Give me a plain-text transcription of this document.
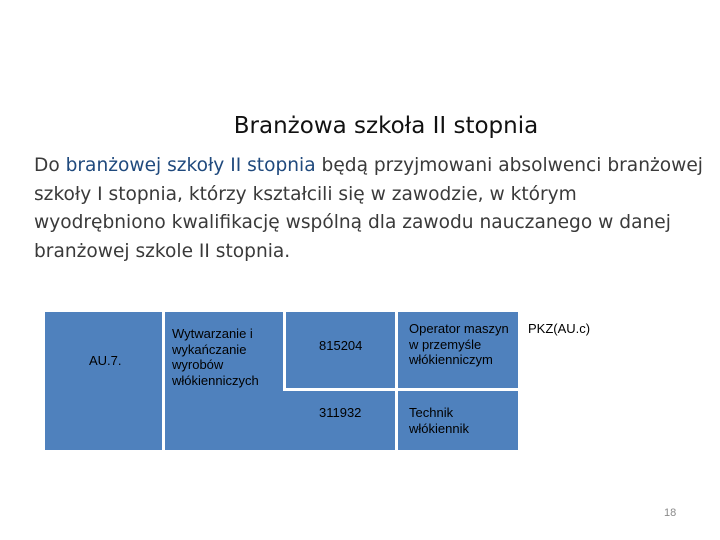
Branżowa szkoła II stopnia
Do branżowej szkoły II stopnia będą przyjmowani absolwenci branżowej szkoły I stopnia, którzy kształcili się w zawodzie, w którym wyodrębniono kwalifikację wspólną dla zawodu nauczanego w danej branżowej szkole II stopnia.
AU.7.
Wytwarzanie i wykańczanie wyrobów włókienniczych
815204
Operator maszyn w przemyśle włókienniczym
311932	Technik włókiennik
PKZ(AU.c)
18
